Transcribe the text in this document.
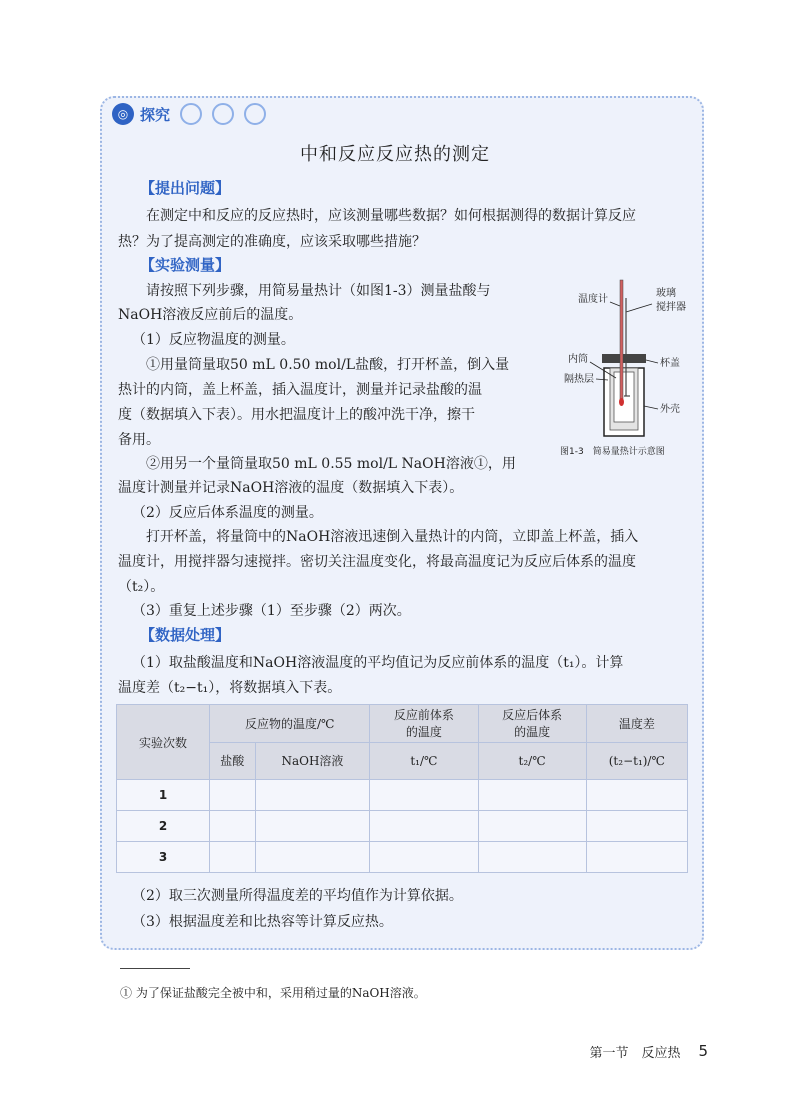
◎ 探究
中和反应反应热的测定
【提出问题】
在测定中和反应的反应热时，应该测量哪些数据？如何根据测得的数据计算反应
热？为了提高测定的准确度，应该采取哪些措施？
【实验测量】
请按照下列步骤，用简易量热计（如图1-3）测量盐酸与
NaOH溶液反应前后的温度。
（1）反应物温度的测量。
①用量筒量取50 mL 0.50 mol/L盐酸，打开杯盖，倒入量
热计的内筒，盖上杯盖，插入温度计，测量并记录盐酸的温
度（数据填入下表）。用水把温度计上的酸冲洗干净，擦干
备用。
②用另一个量筒量取50 mL 0.55 mol/L NaOH溶液①，用
温度计测量并记录NaOH溶液的温度（数据填入下表）。
（2）反应后体系温度的测量。
打开杯盖，将量筒中的NaOH溶液迅速倒入量热计的内筒，立即盖上杯盖，插入
温度计，用搅拌器匀速搅拌。密切关注温度变化，将最高温度记为反应后体系的温度
（t₂）。
（3）重复上述步骤（1）至步骤（2）两次。
【数据处理】
（1）取盐酸温度和NaOH溶液温度的平均值记为反应前体系的温度（t₁）。计算
温度差（t₂−t₁），将数据填入下表。
温度计
玻璃
搅拌器
内筒	杯盖
隔热层
外壳
图1-3　简易量热计示意图
实验次数	反应物的温度/℃		反应前体系
的温度	反应后体系
的温度	温度差
	盐酸	NaOH溶液	t₁/℃	t₂/℃	(t₂−t₁)/℃
1					
2					
3					
（2）取三次测量所得温度差的平均值作为计算依据。
（3）根据温度差和比热容等计算反应热。
① 为了保证盐酸完全被中和，采用稍过量的NaOH溶液。
第一节　反应热 5
